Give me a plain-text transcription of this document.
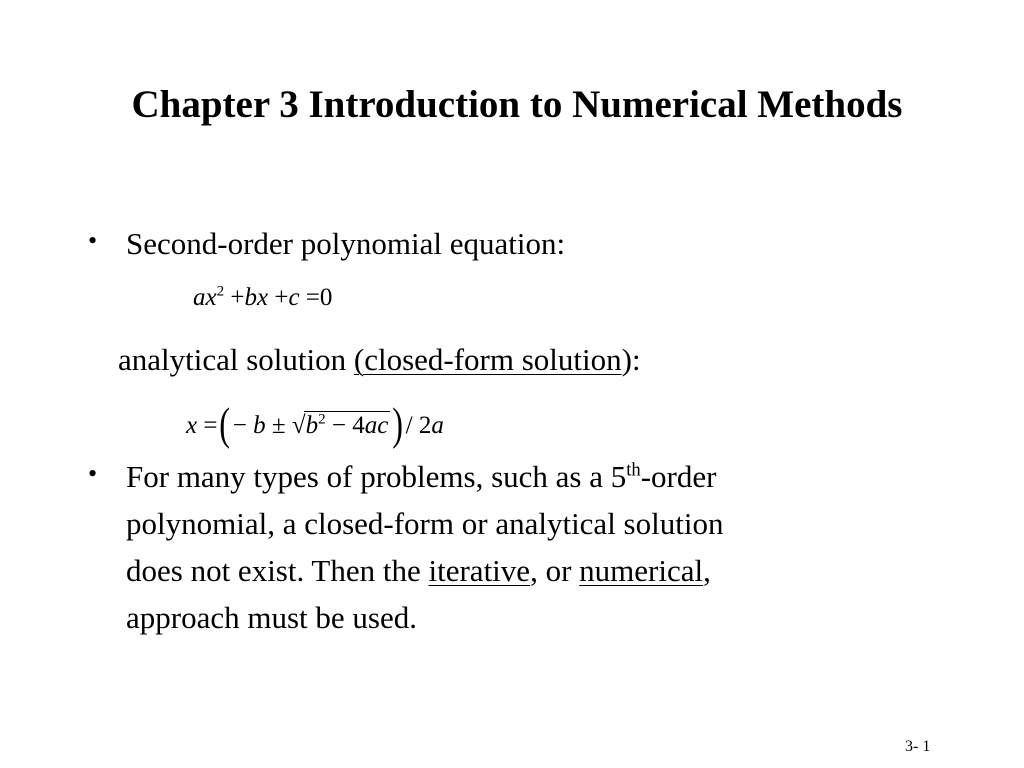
Chapter 3 Introduction to Numerical Methods
• Second-order polynomial equation:
$ax^2 +bx +c =0$
analytical solution (closed-form solution):
x =(− $b \pm √b^2 - 4ac)/$ 2a
• For many types of problems, such as a 5th-order
polynomial, a closed-form or analytical solution
does not exist. Then the iterative, or numerical,
approach must be used.
3- 1
